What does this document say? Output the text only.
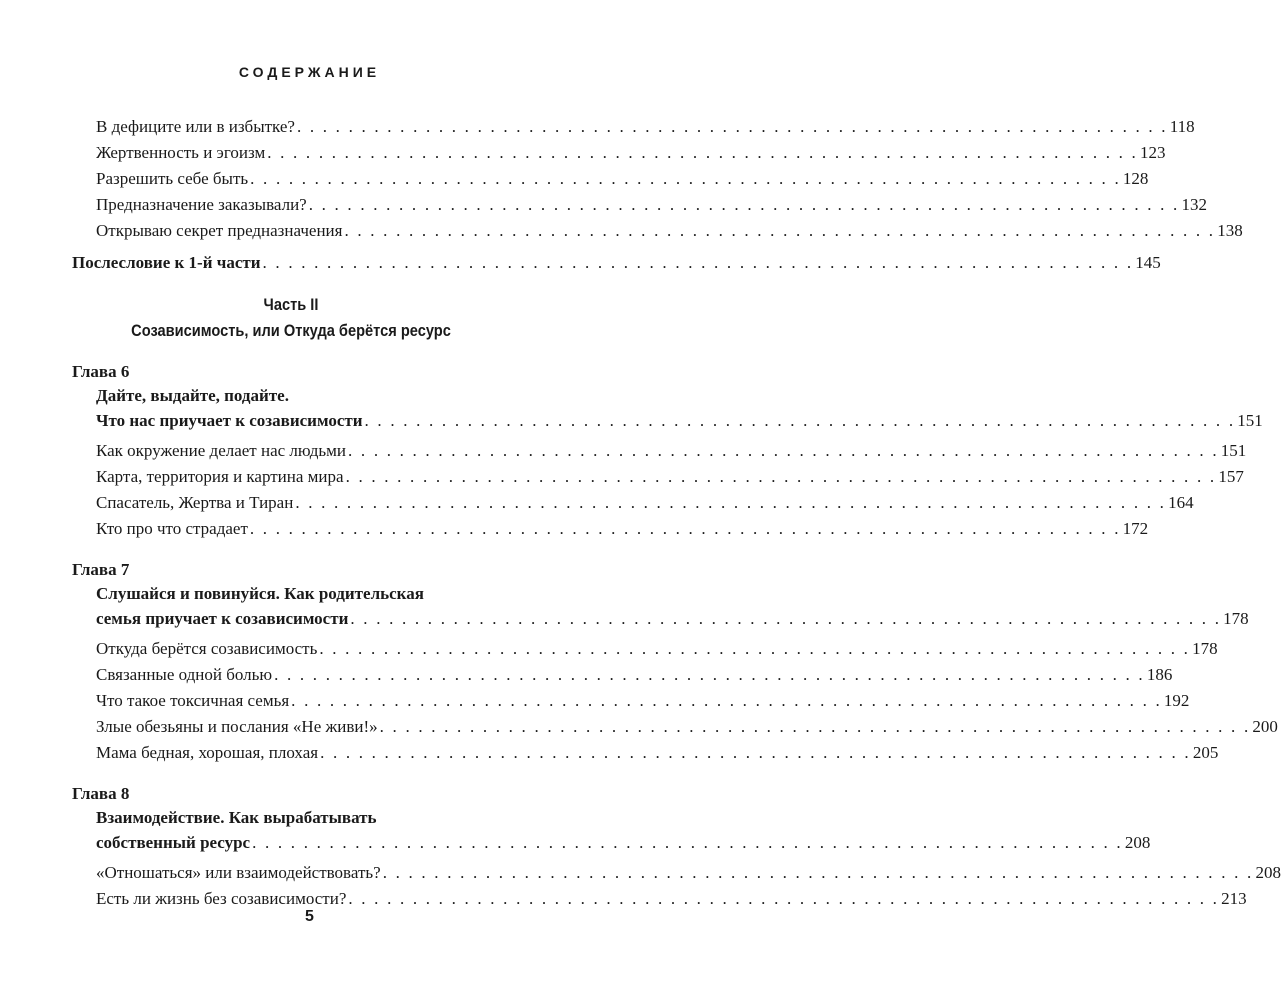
СОДЕРЖАНИЕ
В дефиците или в избытке? . . . . . . . . . . . . . . . . . . . . . . . . . . . . . . . . . . . . . . . . . . . . . . . . . . . . . . . . . . . . . . . . . . . . 118
Жертвенность и эгоизм . . . . . . . . . . . . . . . . . . . . . . . . . . . . . . . . . . . . . . . . . . . . . . . . . . . . . . . . . . . . . . . . . . . . 123
Разрешить себе быть . . . . . . . . . . . . . . . . . . . . . . . . . . . . . . . . . . . . . . . . . . . . . . . . . . . . . . . . . . . . . . . . . . . . 128
Предназначение заказывали? . . . . . . . . . . . . . . . . . . . . . . . . . . . . . . . . . . . . . . . . . . . . . . . . . . . . . . . . . . . . . . . . . . . . 132
Открываю секрет предназначения . . . . . . . . . . . . . . . . . . . . . . . . . . . . . . . . . . . . . . . . . . . . . . . . . . . . . . . . . . . . . . . . . . . . 138
Послесловие к 1-й части . . . . . . . . . . . . . . . . . . . . . . . . . . . . . . . . . . . . . . . . . . . . . . . . . . . . . . . . . . . . . . . . . . . . 145
Часть II
Созависимость, или Откуда берётся ресурс
Глава 6
Дайте, выдайте, подайте.
Что нас приучает к созависимости . . . . . . . . . . . . . . . . . . . . . . . . . . . . . . . . . . . . . . . . . . . . . . . . . . . . . . . . . . . . . . . . . . . . 151
Как окружение делает нас людьми . . . . . . . . . . . . . . . . . . . . . . . . . . . . . . . . . . . . . . . . . . . . . . . . . . . . . . . . . . . . . . . . . . . . 151
Карта, территория и картина мира . . . . . . . . . . . . . . . . . . . . . . . . . . . . . . . . . . . . . . . . . . . . . . . . . . . . . . . . . . . . . . . . . . . . 157
Спасатель, Жертва и Тиран . . . . . . . . . . . . . . . . . . . . . . . . . . . . . . . . . . . . . . . . . . . . . . . . . . . . . . . . . . . . . . . . . . . . 164
Кто про что страдает . . . . . . . . . . . . . . . . . . . . . . . . . . . . . . . . . . . . . . . . . . . . . . . . . . . . . . . . . . . . . . . . . . . . 172
Глава 7
Слушайся и повинуйся. Как родительская
семья приучает к созависимости . . . . . . . . . . . . . . . . . . . . . . . . . . . . . . . . . . . . . . . . . . . . . . . . . . . . . . . . . . . . . . . . . . . . 178
Откуда берётся созависимость . . . . . . . . . . . . . . . . . . . . . . . . . . . . . . . . . . . . . . . . . . . . . . . . . . . . . . . . . . . . . . . . . . . . 178
Связанные одной болью . . . . . . . . . . . . . . . . . . . . . . . . . . . . . . . . . . . . . . . . . . . . . . . . . . . . . . . . . . . . . . . . . . . . 186
Что такое токсичная семья . . . . . . . . . . . . . . . . . . . . . . . . . . . . . . . . . . . . . . . . . . . . . . . . . . . . . . . . . . . . . . . . . . . . 192
Злые обезьяны и послания «Не живи!» . . . . . . . . . . . . . . . . . . . . . . . . . . . . . . . . . . . . . . . . . . . . . . . . . . . . . . . . . . . . . . . . . . . . 200
Мама бедная, хорошая, плохая . . . . . . . . . . . . . . . . . . . . . . . . . . . . . . . . . . . . . . . . . . . . . . . . . . . . . . . . . . . . . . . . . . . . 205
Глава 8
Взаимодействие. Как вырабатывать
собственный ресурс . . . . . . . . . . . . . . . . . . . . . . . . . . . . . . . . . . . . . . . . . . . . . . . . . . . . . . . . . . . . . . . . . . . . 208
«Отношаться» или взаимодействовать? . . . . . . . . . . . . . . . . . . . . . . . . . . . . . . . . . . . . . . . . . . . . . . . . . . . . . . . . . . . . . . . . . . . . 208
Есть ли жизнь без созависимости? . . . . . . . . . . . . . . . . . . . . . . . . . . . . . . . . . . . . . . . . . . . . . . . . . . . . . . . . . . . . . . . . . . . . 213
5
